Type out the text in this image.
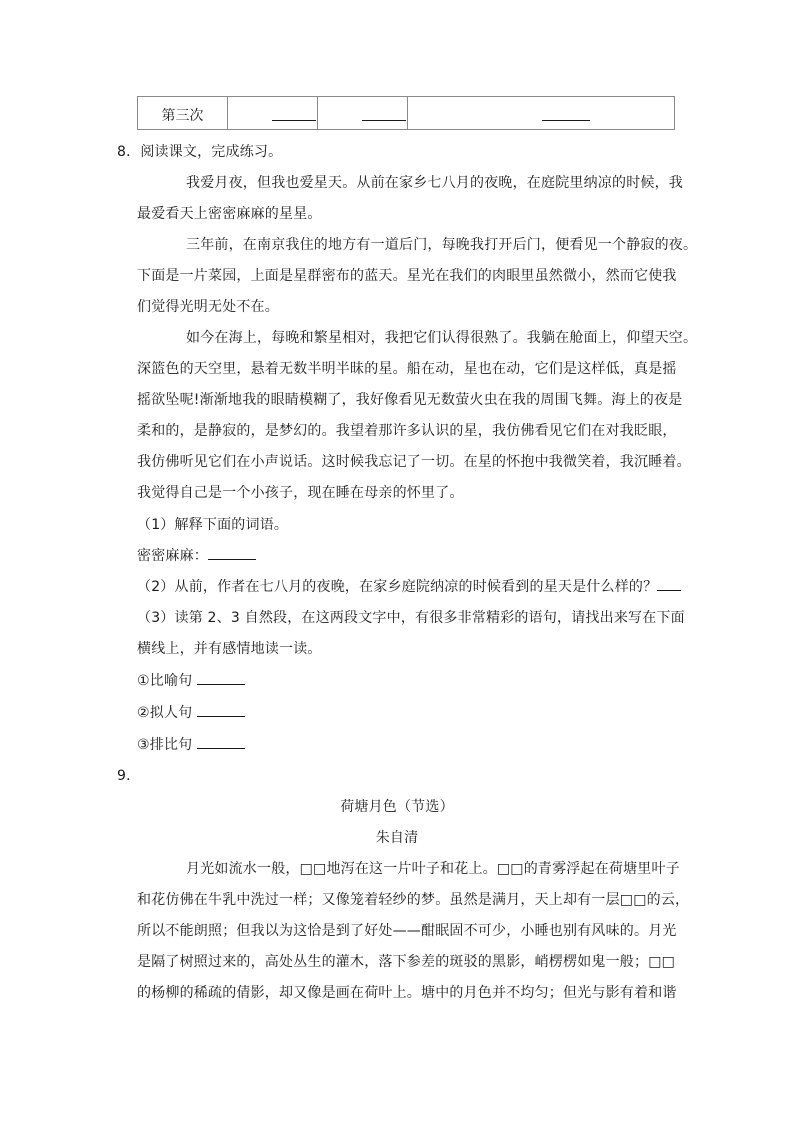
第三次
8．阅读课文，完成练习。
我爱月夜，但我也爱星天。从前在家乡七八月的夜晚，在庭院里纳凉的时候，我
最爱看天上密密麻麻的星星。
三年前，在南京我住的地方有一道后门，每晚我打开后门，便看见一个静寂的夜。
下面是一片菜园，上面是星群密布的蓝天。星光在我们的肉眼里虽然微小，然而它使我
们觉得光明无处不在。
如今在海上，每晚和繁星相对，我把它们认得很熟了。我躺在舱面上，仰望天空。
深篮色的天空里，悬着无数半明半昧的星。船在动，星也在动，它们是这样低，真是摇
摇欲坠呢!渐渐地我的眼睛模糊了，我好像看见无数萤火虫在我的周围飞舞。海上的夜是
柔和的，是静寂的，是梦幻的。我望着那许多认识的星，我仿佛看见它们在对我眨眼，
我仿佛听见它们在小声说话。这时候我忘记了一切。在星的怀抱中我微笑着，我沉睡着。
我觉得自己是一个小孩子，现在睡在母亲的怀里了。
（1）解释下面的词语。
密密麻麻：
（2）从前，作者在七八月的夜晚，在家乡庭院纳凉的时候看到的星天是什么样的？
（3）读第 2、3 自然段，在这两段文字中，有很多非常精彩的语句，请找出来写在下面
横线上，并有感情地读一读。
①比喻句
②拟人句
③排比句
9．
荷塘月色（节选）
朱自清
月光如流水一般，□□地泻在这一片叶子和花上。□□的青雾浮起在荷塘里叶子
和花仿佛在牛乳中洗过一样；又像笼着轻纱的梦。虽然是满月，天上却有一层□□的云，
所以不能朗照；但我以为这恰是到了好处——酣眠固不可少，小睡也别有风味的。月光
是隔了树照过来的，高处丛生的灌木，落下参差的斑驳的黑影，峭楞楞如鬼一般；□□
的杨柳的稀疏的倩影，却又像是画在荷叶上。塘中的月色并不均匀；但光与影有着和谐
